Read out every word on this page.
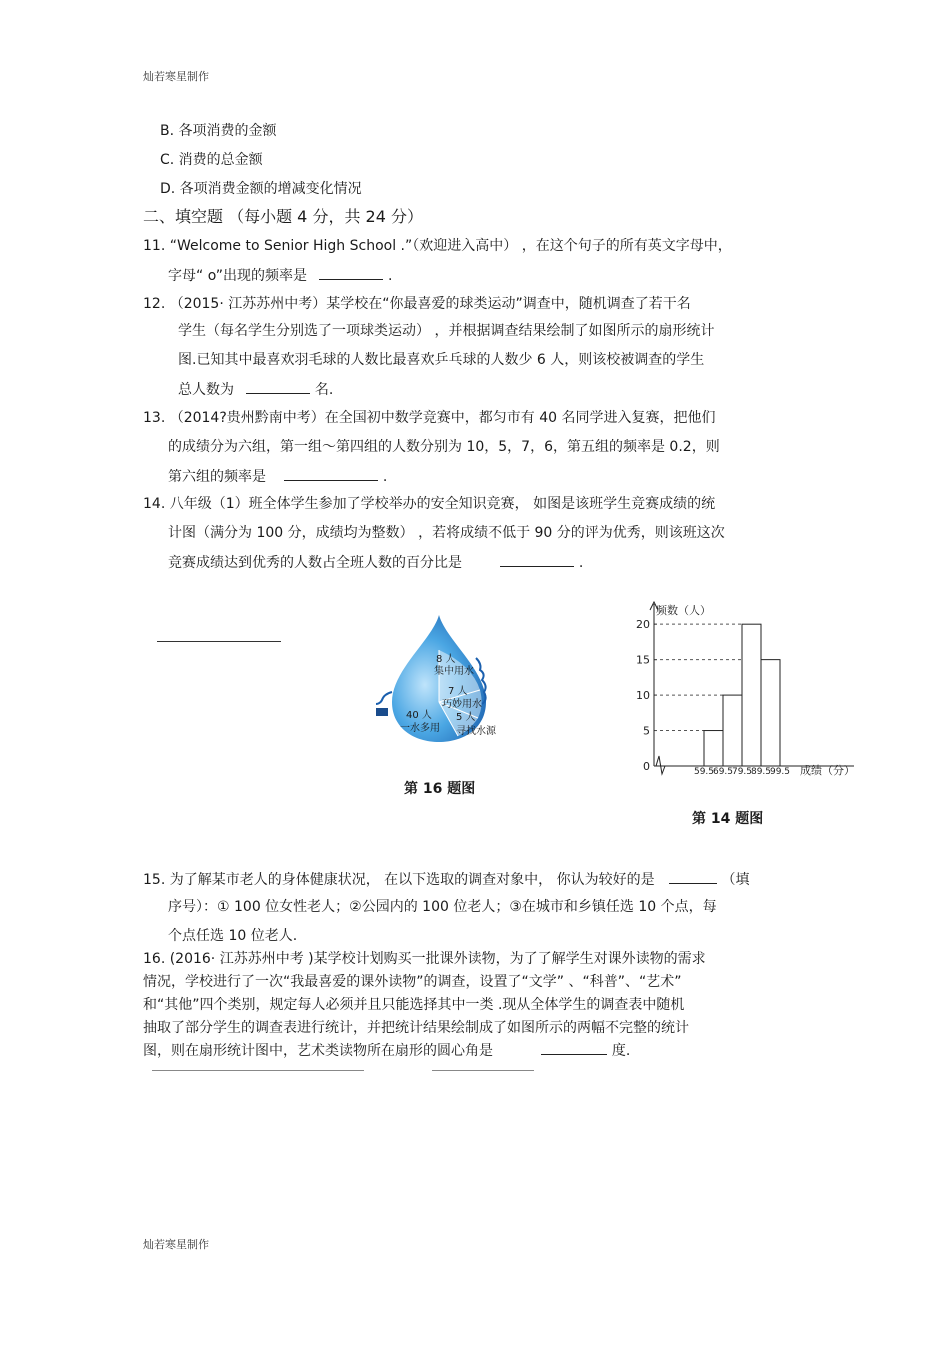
灿若寒星制作
B. 各项消费的金额
C. 消费的总金额
D. 各项消费金额的增减变化情况
二、填空题 （每小题 4 分，共 24 分）
11. “Welcome to Senior High School .”（欢迎进入高中） ，在这个句子的所有英文字母中，
字母“ o”出现的频率是	.
12. （2015· 江苏苏州中考）某学校在“你最喜爱的球类运动”调查中，随机调查了若干名
学生（每名学生分别选了一项球类运动） ，并根据调查结果绘制了如图所示的扇形统计
图.已知其中最喜欢羽毛球的人数比最喜欢乒乓球的人数少 6 人，则该校被调查的学生
总人数为	名.
13. （2014?贵州黔南中考）在全国初中数学竞赛中，都匀市有 40 名同学进入复赛，把他们
的成绩分为六组，第一组～第四组的人数分别为 10，5，7，6，第五组的频率是 0.2，则
第六组的频率是	.
14. 八年级（1）班全体学生参加了学校举办的安全知识竞赛， 如图是该班学生竞赛成绩的统
计图（满分为 100 分，成绩均为整数） ，若将成绩不低于 90 分的评为优秀，则该班这次
竞赛成绩达到优秀的人数占全班人数的百分比是	.
8 人
集中用水
7 人
巧妙用水
40 人
一水多用
5 人
寻找水源
第 16 题图
频数（人）
成绩（分）
0
5
10
15
20
59.5
69.5
79.5
89.5
99.5
第 14 题图
15. 为了解某市老人的身体健康状况， 在以下选取的调查对象中， 你认为较好的是	（填
序号）：① 100 位女性老人；②公园内的 100 位老人；③在城市和乡镇任选 10 个点，每
个点任选 10 位老人.
16. (2016· 江苏苏州中考 )某学校计划购买一批课外读物，为了了解学生对课外读物的需求
情况，学校进行了一次“我最喜爱的课外读物”的调查，设置了“文学” 、“科普”、“艺术”
和“其他”四个类别，规定每人必须并且只能选择其中一类 .现从全体学生的调查表中随机
抽取了部分学生的调查表进行统计，并把统计结果绘制成了如图所示的两幅不完整的统计
图，则在扇形统计图中，艺术类读物所在扇形的圆心角是	度.
灿若寒星制作
